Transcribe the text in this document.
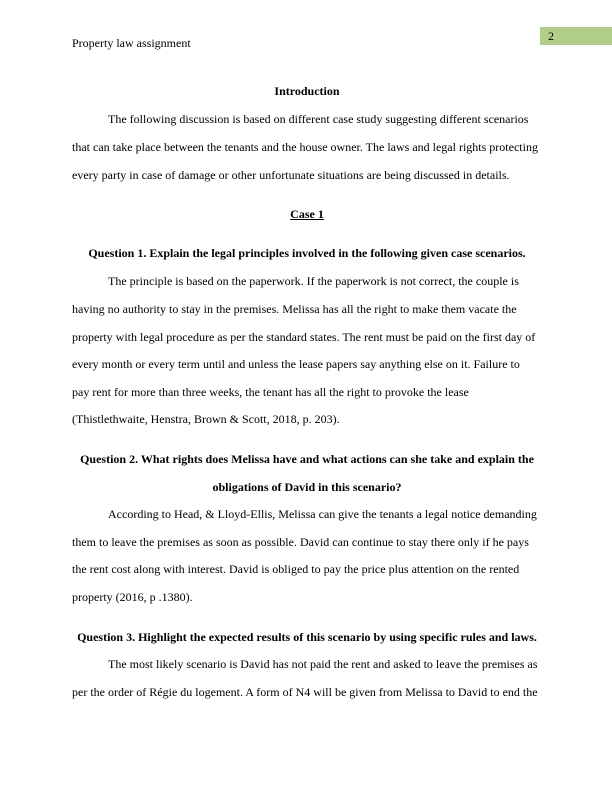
Property law assignment	2
Introduction
The following discussion is based on different case study suggesting different scenarios
that can take place between the tenants and the house owner. The laws and legal rights protecting
every party in case of damage or other unfortunate situations are being discussed in details.
Case 1
Question 1. Explain the legal principles involved in the following given case scenarios.
The principle is based on the paperwork. If the paperwork is not correct, the couple is
having no authority to stay in the premises. Melissa has all the right to make them vacate the
property with legal procedure as per the standard states. The rent must be paid on the first day of
every month or every term until and unless the lease papers say anything else on it. Failure to
pay rent for more than three weeks, the tenant has all the right to provoke the lease
(Thistlethwaite, Henstra, Brown & Scott, 2018, p. 203).
Question 2. What rights does Melissa have and what actions can she take and explain the
obligations of David in this scenario?
According to Head, & Lloyd-Ellis, Melissa can give the tenants a legal notice demanding
them to leave the premises as soon as possible. David can continue to stay there only if he pays
the rent cost along with interest. David is obliged to pay the price plus attention on the rented
property (2016, p .1380).
Question 3. Highlight the expected results of this scenario by using specific rules and laws.
The most likely scenario is David has not paid the rent and asked to leave the premises as
per the order of Régie du logement. A form of N4 will be given from Melissa to David to end the
